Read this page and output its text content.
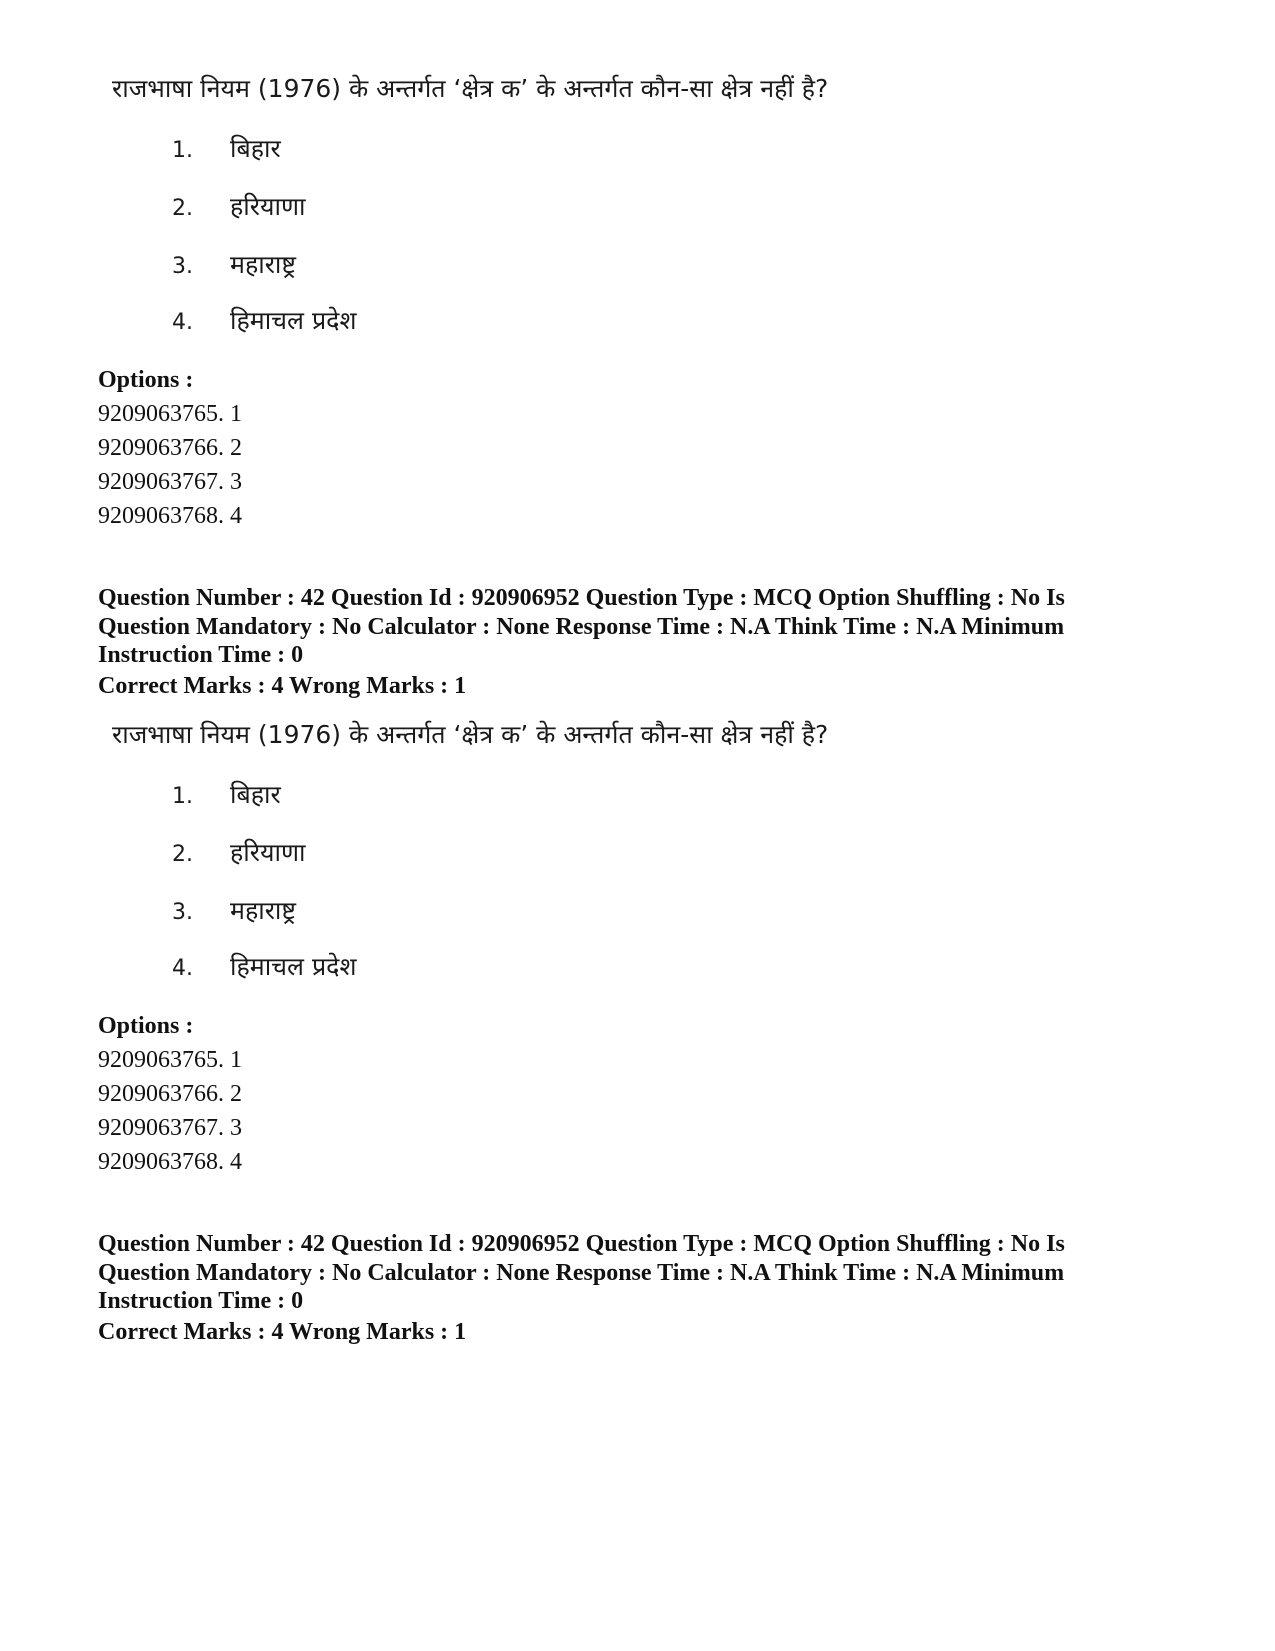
राजभाषा नियम (1976) के अन्तर्गत ‘क्षेत्र क’ के अन्तर्गत कौन-सा क्षेत्र नहीं है?
1. बिहार
2. हरियाणा
3. महाराष्ट्र
4. हिमाचल प्रदेश
Options :
9209063765. 1
9209063766. 2
9209063767. 3
9209063768. 4
Question Number : 42 Question Id : 920906952 Question Type : MCQ Option Shuffling : No Is
Question Mandatory : No Calculator : None Response Time : N.A Think Time : N.A Minimum
Instruction Time : 0
Correct Marks : 4 Wrong Marks : 1
राजभाषा नियम (1976) के अन्तर्गत ‘क्षेत्र क’ के अन्तर्गत कौन-सा क्षेत्र नहीं है?
1. बिहार
2. हरियाणा
3. महाराष्ट्र
4. हिमाचल प्रदेश
Options :
9209063765. 1
9209063766. 2
9209063767. 3
9209063768. 4
Question Number : 42 Question Id : 920906952 Question Type : MCQ Option Shuffling : No Is
Question Mandatory : No Calculator : None Response Time : N.A Think Time : N.A Minimum
Instruction Time : 0
Correct Marks : 4 Wrong Marks : 1
